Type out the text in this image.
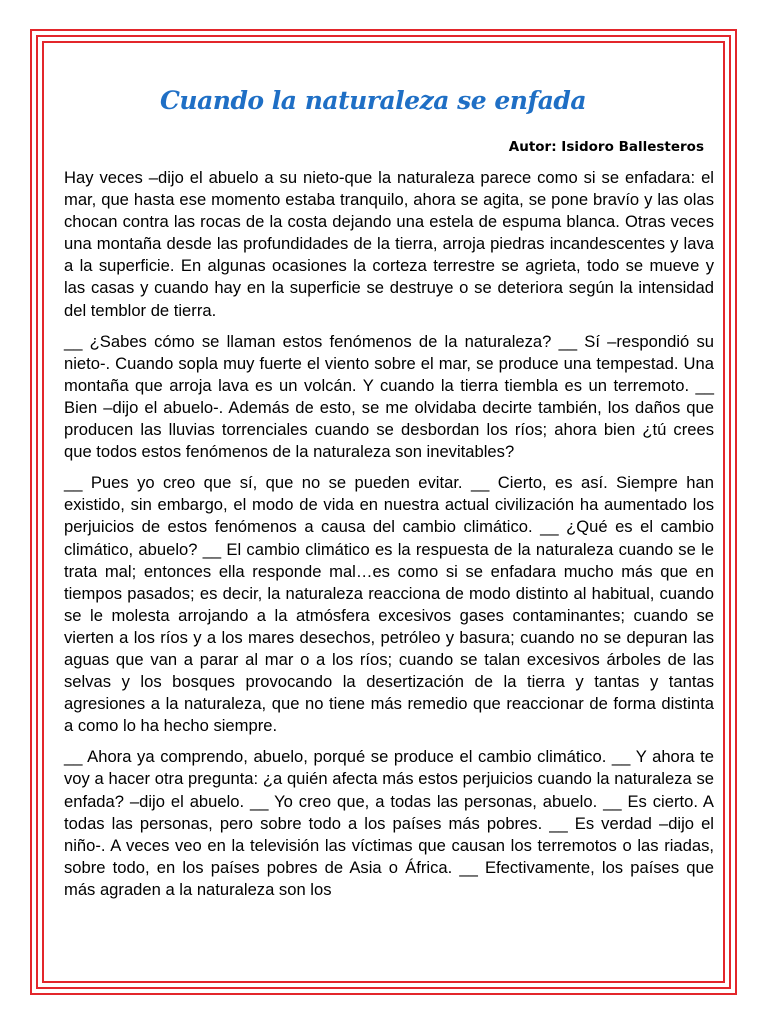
Cuando la naturaleza se enfada
Autor: Isidoro Ballesteros

Hay veces –dijo el abuelo a su nieto-que la naturaleza parece como si se enfadara: el mar, que hasta ese momento estaba tranquilo, ahora se agita, se pone bravío y las olas chocan contra las rocas de la costa dejando una estela de espuma blanca. Otras veces una montaña desde las profundidades de la tierra, arroja piedras incandescentes y lava a la superficie. En algunas ocasiones la corteza terrestre se agrieta, todo se mueve y las casas y cuando hay en la superficie se destruye o se deteriora según la intensidad del temblor de tierra.

__ ¿Sabes cómo se llaman estos fenómenos de la naturaleza? __ Sí –respondió su nieto-. Cuando sopla muy fuerte el viento sobre el mar, se produce una tempestad. Una montaña que arroja lava es un volcán. Y cuando la tierra tiembla es un terremoto. __ Bien –dijo el abuelo-. Además de esto, se me olvidaba decirte también, los daños que producen las lluvias torrenciales cuando se desbordan los ríos; ahora bien ¿tú crees que todos estos fenómenos de la naturaleza son inevitables?

__ Pues yo creo que sí, que no se pueden evitar. __ Cierto, es así. Siempre han existido, sin embargo, el modo de vida en nuestra actual civilización ha aumentado los perjuicios de estos fenómenos a causa del cambio climático. __ ¿Qué es el cambio climático, abuelo? __ El cambio climático es la respuesta de la naturaleza cuando se le trata mal; entonces ella responde mal…es como si se enfadara mucho más que en tiempos pasados; es decir, la naturaleza reacciona de modo distinto al habitual, cuando se le molesta arrojando a la atmósfera excesivos gases contaminantes; cuando se vierten a los ríos y a los mares desechos, petróleo y basura; cuando no se depuran las aguas que van a parar al mar o a los ríos; cuando se talan excesivos árboles de las selvas y los bosques provocando la desertización de la tierra y tantas y tantas agresiones a la naturaleza, que no tiene más remedio que reaccionar de forma distinta a como lo ha hecho siempre.

__ Ahora ya comprendo, abuelo, porqué se produce el cambio climático. __ Y ahora te voy a hacer otra pregunta: ¿a quién afecta más estos perjuicios cuando la naturaleza se enfada? –dijo el abuelo. __ Yo creo que, a todas las personas, abuelo. __ Es cierto. A todas las personas, pero sobre todo a los países más pobres. __ Es verdad –dijo el niño-. A veces veo en la televisión las víctimas que causan los terremotos o las riadas, sobre todo, en los países pobres de Asia o África. __ Efectivamente, los países que más agraden a la naturaleza son los
